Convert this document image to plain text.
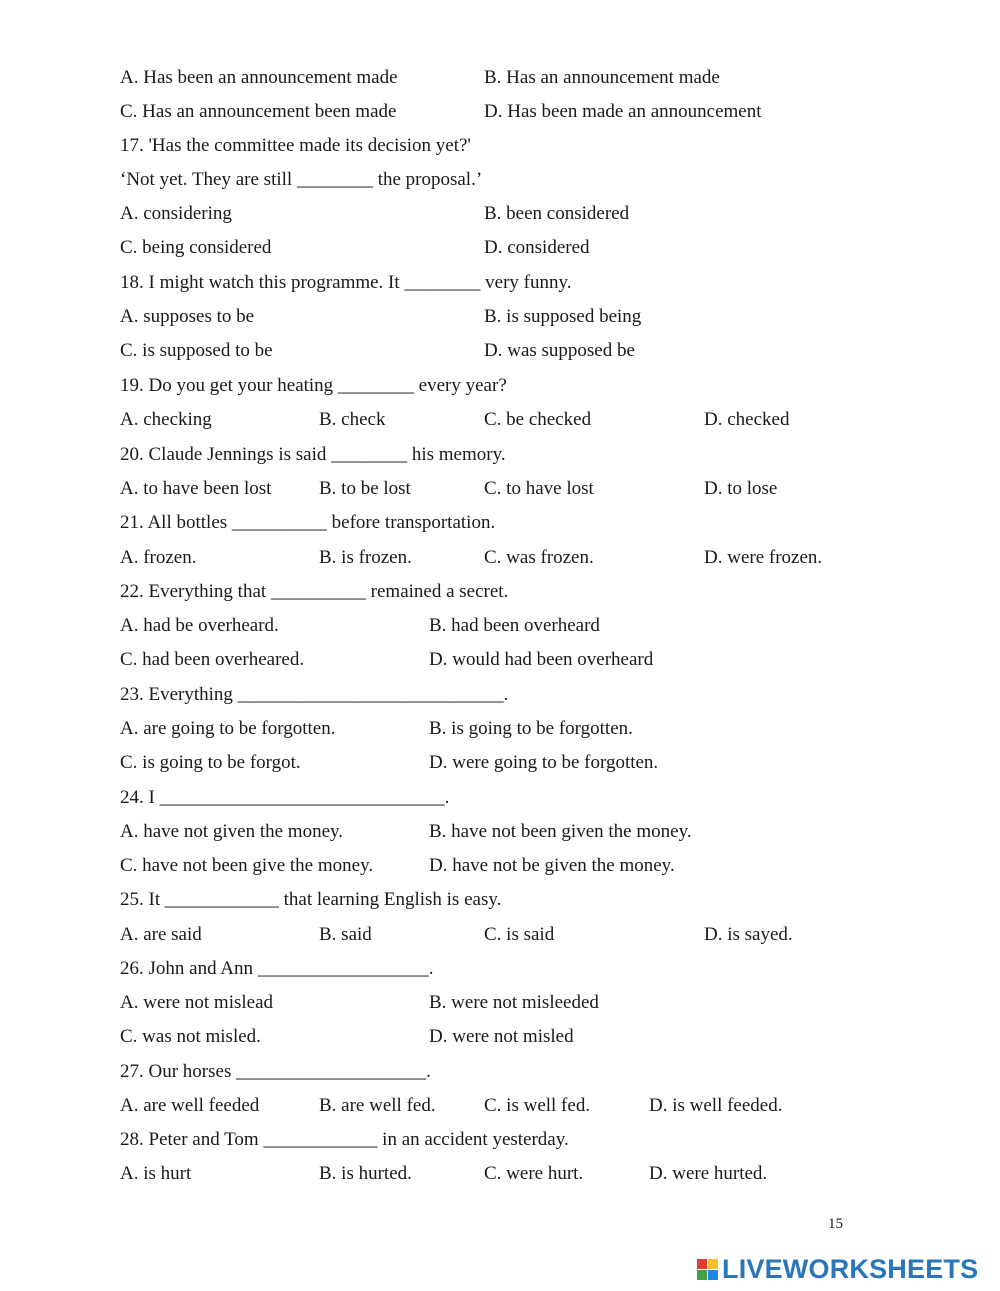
A. Has been an announcement made	B. Has an announcement made
C. Has an announcement been made	D. Has been made an announcement
17. 'Has the committee made its decision yet?'
‘Not yet. They are still ________ the proposal.’
A. considering	B. been considered
C. being considered	D. considered
18. I might watch this programme. It ________ very funny.
A. supposes to be	B. is supposed being
C. is supposed to be	D. was supposed be
19. Do you get your heating ________ every year?
A. checking	B. check	C. be checked	D. checked
20. Claude Jennings is said ________ his memory.
A. to have been lost	B. to be lost	C. to have lost	D. to lose
21. All bottles __________ before transportation.
A. frozen.	B. is frozen.	C. was frozen.	D. were frozen.
22. Everything that __________ remained a secret.
A. had be overheard.	B. had been overheard
C. had been overheared.	D. would had been overheard
23. Everything ____________________________.
A. are going to be forgotten.	B. is going to be forgotten.
C. is going to be forgot.	D. were going to be forgotten.
24. I ______________________________.
A. have not given the money.	B. have not been given the money.
C. have not been give the money.	D. have not be given the money.
25. It ____________ that learning English is easy.
A. are said	B. said	C. is said	D. is sayed.
26. John and Ann __________________.
A. were not mislead	B. were not misleeded
C. was not misled.	D. were not misled
27. Our horses ____________________.
A. are well feeded	B. are well fed.	C. is well fed.	D. is well feeded.
28. Peter and Tom ____________ in an accident yesterday.
A. is hurt	B. is hurted.	C. were hurt.	D. were hurted.
15
LIVEWORKSHEETS
